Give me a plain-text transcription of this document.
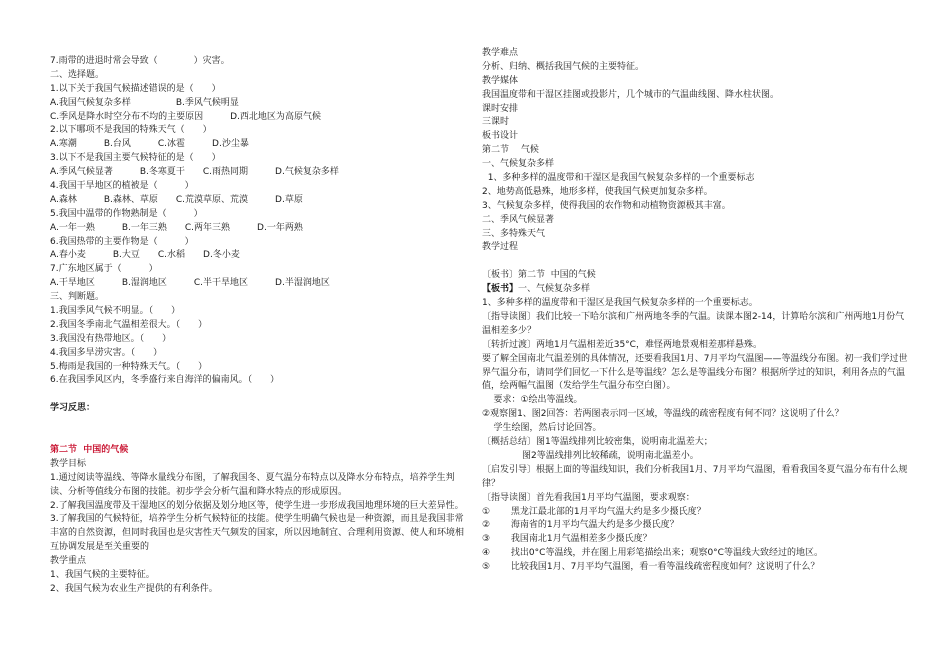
7.雨带的进退时常会导致（　　　　）灾害。
二、选择题。
1.以下关于我国气候描述错误的是（　　）
A.我国气候复杂多样　　　　　B.季风气候明显
C.季风是降水时空分布不均的主要原因　　　D.西北地区为高原气候
2.以下哪项不是我国的特殊天气（　　）
A.寒潮　　　B.台风　　　C.冰雹　　　D.沙尘暴
3.以下不是我国主要气候特征的是（　　）
A.季风气候显著　　　B.冬寒夏干　　C.雨热同期　　　D.气候复杂多样
4.我国干旱地区的植被是（　　　）
A.森林　　　B.森林、草原　　C.荒漠草原、荒漠　　　D.草原
5.我国中温带的作物熟制是（　　　）
A.一年一熟　　　B.一年三熟　　C.两年三熟　　　D.一年两熟
6.我国热带的主要作物是（　　　）
A.春小麦　　　B.大豆　　C.水稻　　D.冬小麦
7.广东地区属于（　　　）
A.干旱地区　　　B.湿润地区　　　C.半干旱地区　　　D.半湿润地区
三、判断题。
1.我国季风气候不明显。（　　）
2.我国冬季南北气温相差很大。（　　）
3.我国没有热带地区。（　　）
4.我国多旱涝灾害。（　　）
5.梅雨是我国的一种特殊天气。（　　）
6.在我国季风区内，冬季盛行来自海洋的偏南风。（　　）
学习反思：
第二节  中国的气候
教学目标
1.通过阅读等温线、等降水量线分布图，了解我国冬、夏气温分布特点以及降水分布特点，培养学生判读、分析等值线分布图的技能。初步学会分析气温和降水特点的形成原因。
2.了解我国温度带及干湿地区的划分依据及划分地区等，使学生进一步形成我国地理环境的巨大差异性。
3.了解我国的气候特征，培养学生分析气候特征的技能。使学生明确气候也是一种资源，而且是我国非常丰富的自然资源，但同时我国也是灾害性天气频发的国家，所以因地制宜、合理利用资源、使人和环境相互协调发展是至关重要的
教学重点
1、我国气候的主要特征。
2、我国气候为农业生产提供的有利条件。
教学难点
分析、归纳、概括我国气候的主要特征。
教学媒体
我国温度带和干湿区挂图或投影片，几个城市的气温曲线图、降水柱状图。
课时安排
三课时
板书设计
第二节　 气候
一、气候复杂多样
1、多种多样的温度带和干湿区是我国气候复杂多样的一个重要标志
2、地势高低悬殊，地形多样，使我国气候更加复杂多样。
3、气候复杂多样，使得我国的农作物和动植物资源极其丰富。
二、季风气候显著
三、多特殊天气
教学过程
〔板书〕第二节  中国的气候
【板书】一、气候复杂多样
1、多种多样的温度带和干湿区是我国气候复杂多样的一个重要标志。
〔指导读图〕我们比较一下哈尔滨和广州两地冬季的气温。读课本图2-14，计算哈尔滨和广州两地1月份气温相差多少？
〔转折过渡〕两地1月气温相差近35°C，难怪两地景观相差那样悬殊。
要了解全国南北气温差别的具体情况，还要看我国1月、7月平均气温图——等温线分布图。初一我们学过世界气温分布，请同学们回忆一下什么是等温线？怎么是等温线分布图？根据所学过的知识，利用各点的气温值，绘两幅气温图（发给学生气温分布空白图）。
要求：①绘出等温线。
②观察图1、图2回答：若两图表示同一区域，等温线的疏密程度有何不同？这说明了什么？
学生绘图，然后讨论回答。
〔概括总结〕图1等温线排列比较密集，说明南北温差大；
图2等温线排列比较稀疏，说明南北温差小。
〔启发引导〕根据上面的等温线知识，我们分析我国1月、7月平均气温图，看看我国冬夏气温分布有什么规律？
〔指导读图〕首先看我国1月平均气温图，要求观察：
①　　 黑龙江最北部的1月平均气温大约是多少摄氏度？
②　　 海南省的1月平均气温大约是多少摄氏度？
③　　 我国南北1月气温相差多少摄氏度？
④　　 找出0°C等温线，并在图上用彩笔描绘出来；观察0°C等温线大致经过的地区。
⑤　　 比较我国1月、7月平均气温图，看一看等温线疏密程度如何？这说明了什么？
